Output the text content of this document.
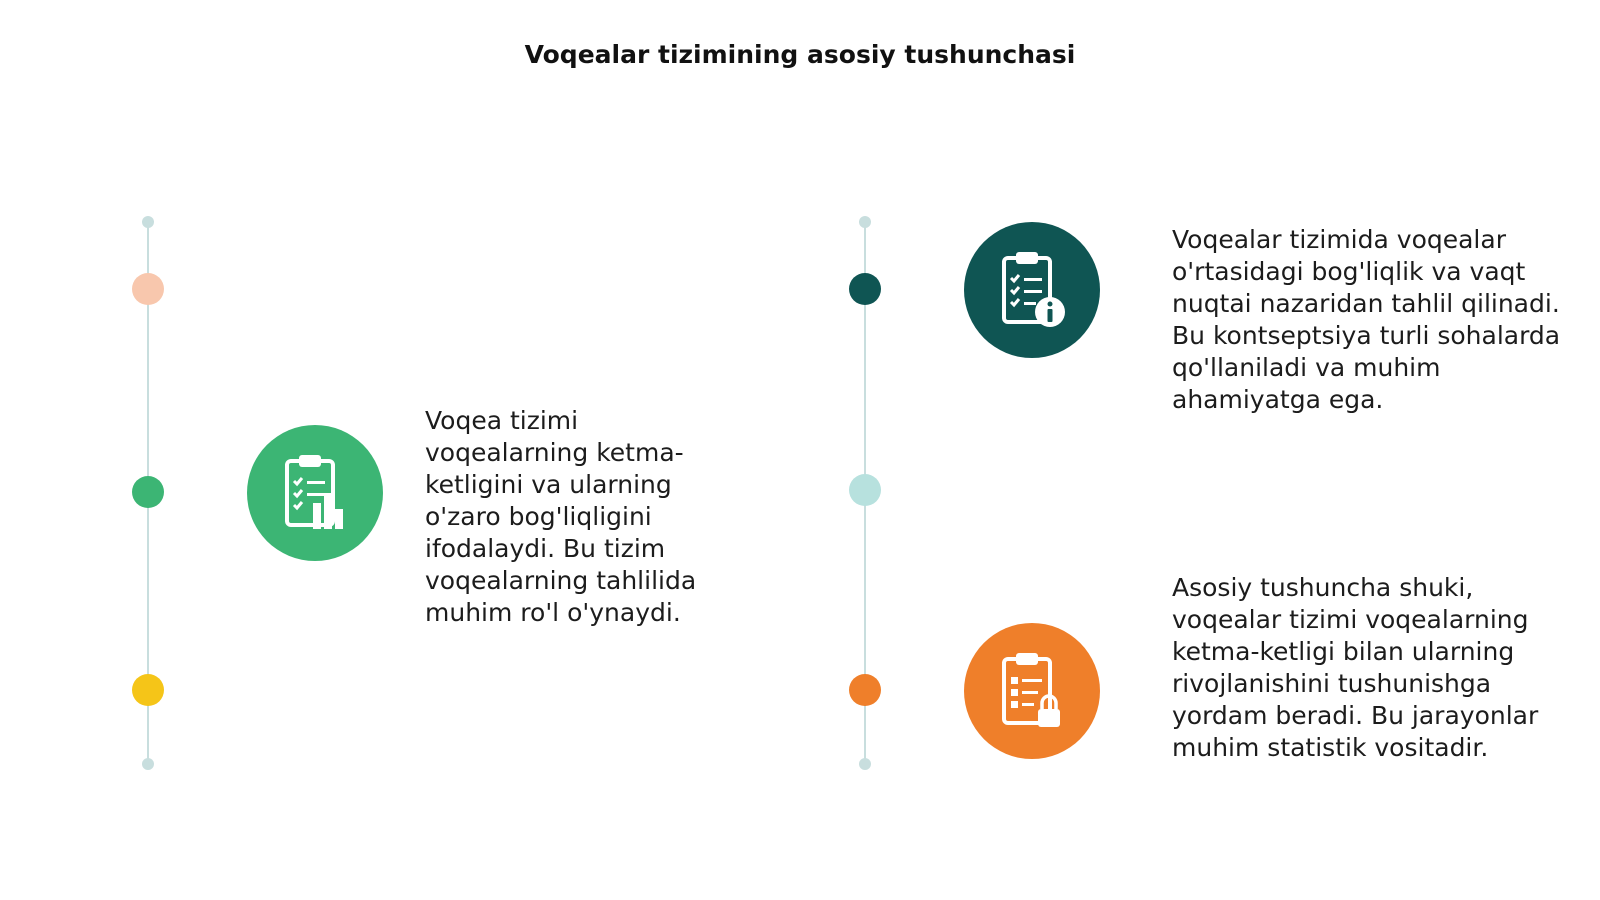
Voqealar tizimining asosiy tushunchasi
Voqea tizimi voqealarning ketma-ketligini va ularning o'zaro bog'liqligini ifodalaydi. Bu tizim voqealarning tahlilida muhim ro'l o'ynaydi.
Voqealar tizimida voqealar o'rtasidagi bog'liqlik va vaqt nuqtai nazaridan tahlil qilinadi. Bu kontseptsiya turli sohalarda qo'llaniladi va muhim ahamiyatga ega.
Asosiy tushuncha shuki, voqealar tizimi voqealarning ketma-ketligi bilan ularning rivojlanishini tushunishga yordam beradi. Bu jarayonlar muhim statistik vositadir.
